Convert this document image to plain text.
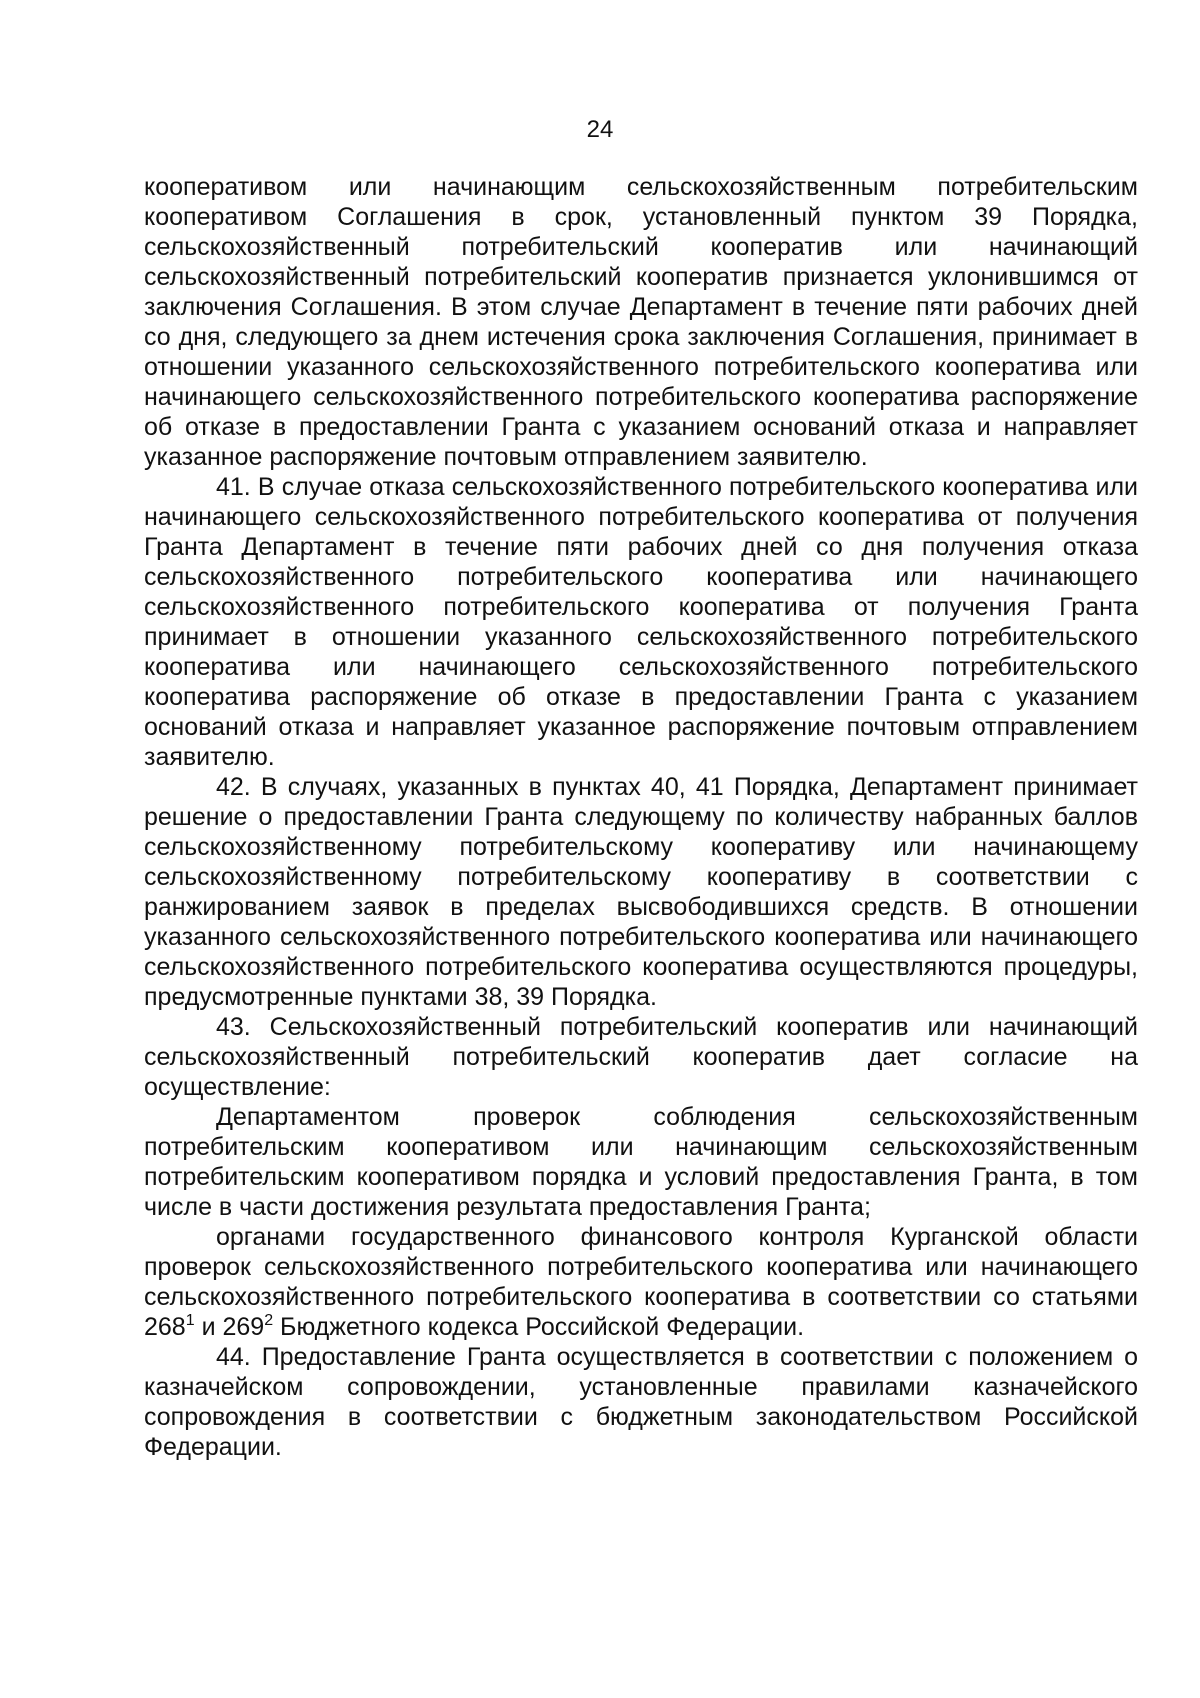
24

кооперативом или начинающим сельскохозяйственным потребительским кооперативом Соглашения в срок, установленный пунктом 39 Порядка, сельскохозяйственный потребительский кооператив или начинающий сельскохозяйственный потребительский кооператив признается уклонившимся от заключения Соглашения. В этом случае Департамент в течение пяти рабочих дней со дня, следующего за днем истечения срока заключения Соглашения, принимает в отношении указанного сельскохозяйственного потребительского кооператива или начинающего сельскохозяйственного потребительского кооператива распоряжение об отказе в предоставлении Гранта с указанием оснований отказа и направляет указанное распоряжение почтовым отправлением заявителю.

41. В случае отказа сельскохозяйственного потребительского кооператива или начинающего сельскохозяйственного потребительского кооператива от получения Гранта Департамент в течение пяти рабочих дней со дня получения отказа сельскохозяйственного потребительского кооператива или начинающего сельскохозяйственного потребительского кооператива от получения Гранта принимает в отношении указанного сельскохозяйственного потребительского кооператива или начинающего сельскохозяйственного потребительского кооператива распоряжение об отказе в предоставлении Гранта с указанием оснований отказа и направляет указанное распоряжение почтовым отправлением заявителю.

42. В случаях, указанных в пунктах 40, 41 Порядка, Департамент принимает решение о предоставлении Гранта следующему по количеству набранных баллов сельскохозяйственному потребительскому кооперативу или начинающему сельскохозяйственному потребительскому кооперативу в соответствии с ранжированием заявок в пределах высвободившихся средств. В отношении указанного сельскохозяйственного потребительского кооператива или начинающего сельскохозяйственного потребительского кооператива осуществляются процедуры, предусмотренные пунктами 38, 39 Порядка.

43. Сельскохозяйственный потребительский кооператив или начинающий сельскохозяйственный потребительский кооператив дает согласие на осуществление:

Департаментом проверок соблюдения сельскохозяйственным потребительским кооперативом или начинающим сельскохозяйственным потребительским кооперативом порядка и условий предоставления Гранта, в том числе в части достижения результата предоставления Гранта;

органами государственного финансового контроля Курганской области проверок сельскохозяйственного потребительского кооператива или начинающего сельскохозяйственного потребительского кооператива в соответствии со статьями $268^1$ и $269^2$ Бюджетного кодекса Российской Федерации.

44. Предоставление Гранта осуществляется в соответствии с положением о казначейском сопровождении, установленные правилами казначейского сопровождения в соответствии с бюджетным законодательством Российской Федерации.
